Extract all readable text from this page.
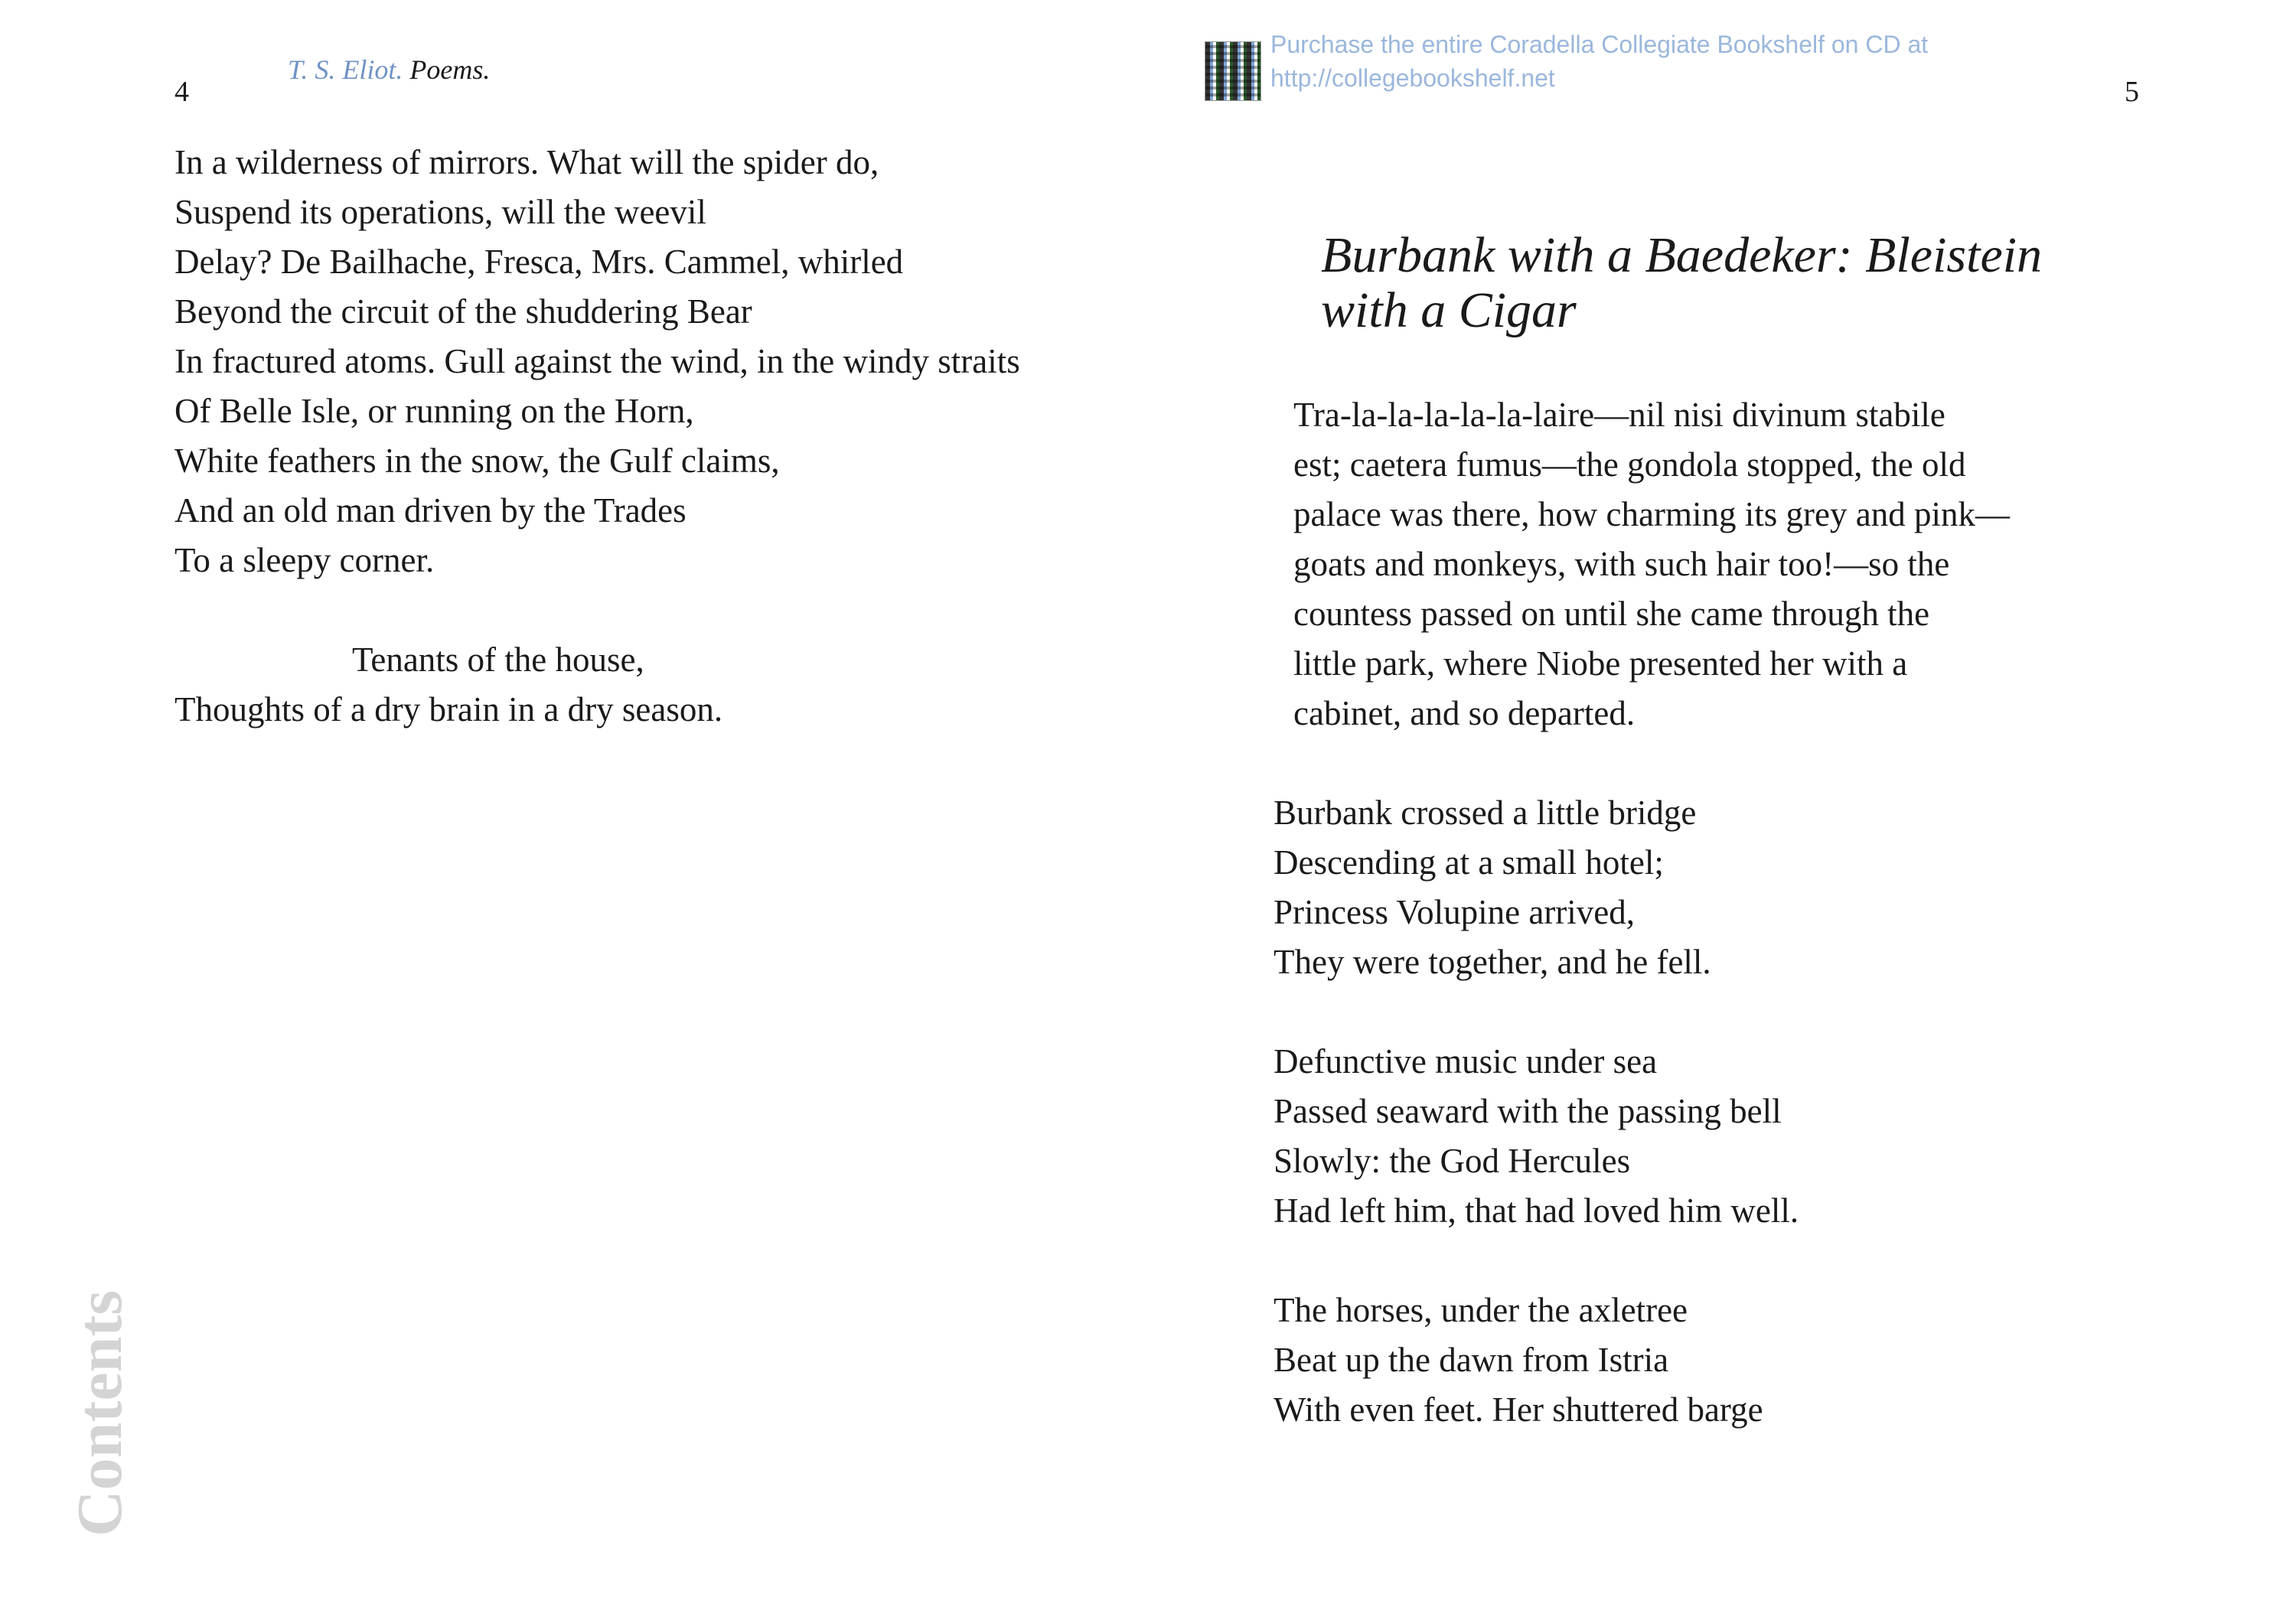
4
T. S. Eliot. Poems.
In a wilderness of mirrors. What will the spider do,
Suspend its operations, will the weevil
Delay? De Bailhache, Fresca, Mrs. Cammel, whirled
Beyond the circuit of the shuddering Bear
In fractured atoms. Gull against the wind, in the windy straits
Of Belle Isle, or running on the Horn,
White feathers in the snow, the Gulf claims,
And an old man driven by the Trades
To a sleepy corner.
Tenants of the house,
Thoughts of a dry brain in a dry season.
Contents
Purchase the entire Coradella Collegiate Bookshelf on CD at
http://collegebookshelf.net	5
Burbank with a Baedeker: Bleistein
with a Cigar
Tra-la-la-la-la-la-laire—nil nisi divinum stabile
est; caetera fumus—the gondola stopped, the old
palace was there, how charming its grey and pink—
goats and monkeys, with such hair too!—so the
countess passed on until she came through the
little park, where Niobe presented her with a
cabinet, and so departed.
Burbank crossed a little bridge
Descending at a small hotel;
Princess Volupine arrived,
They were together, and he fell.
Defunctive music under sea
Passed seaward with the passing bell
Slowly: the God Hercules
Had left him, that had loved him well.
The horses, under the axletree
Beat up the dawn from Istria
With even feet. Her shuttered barge
